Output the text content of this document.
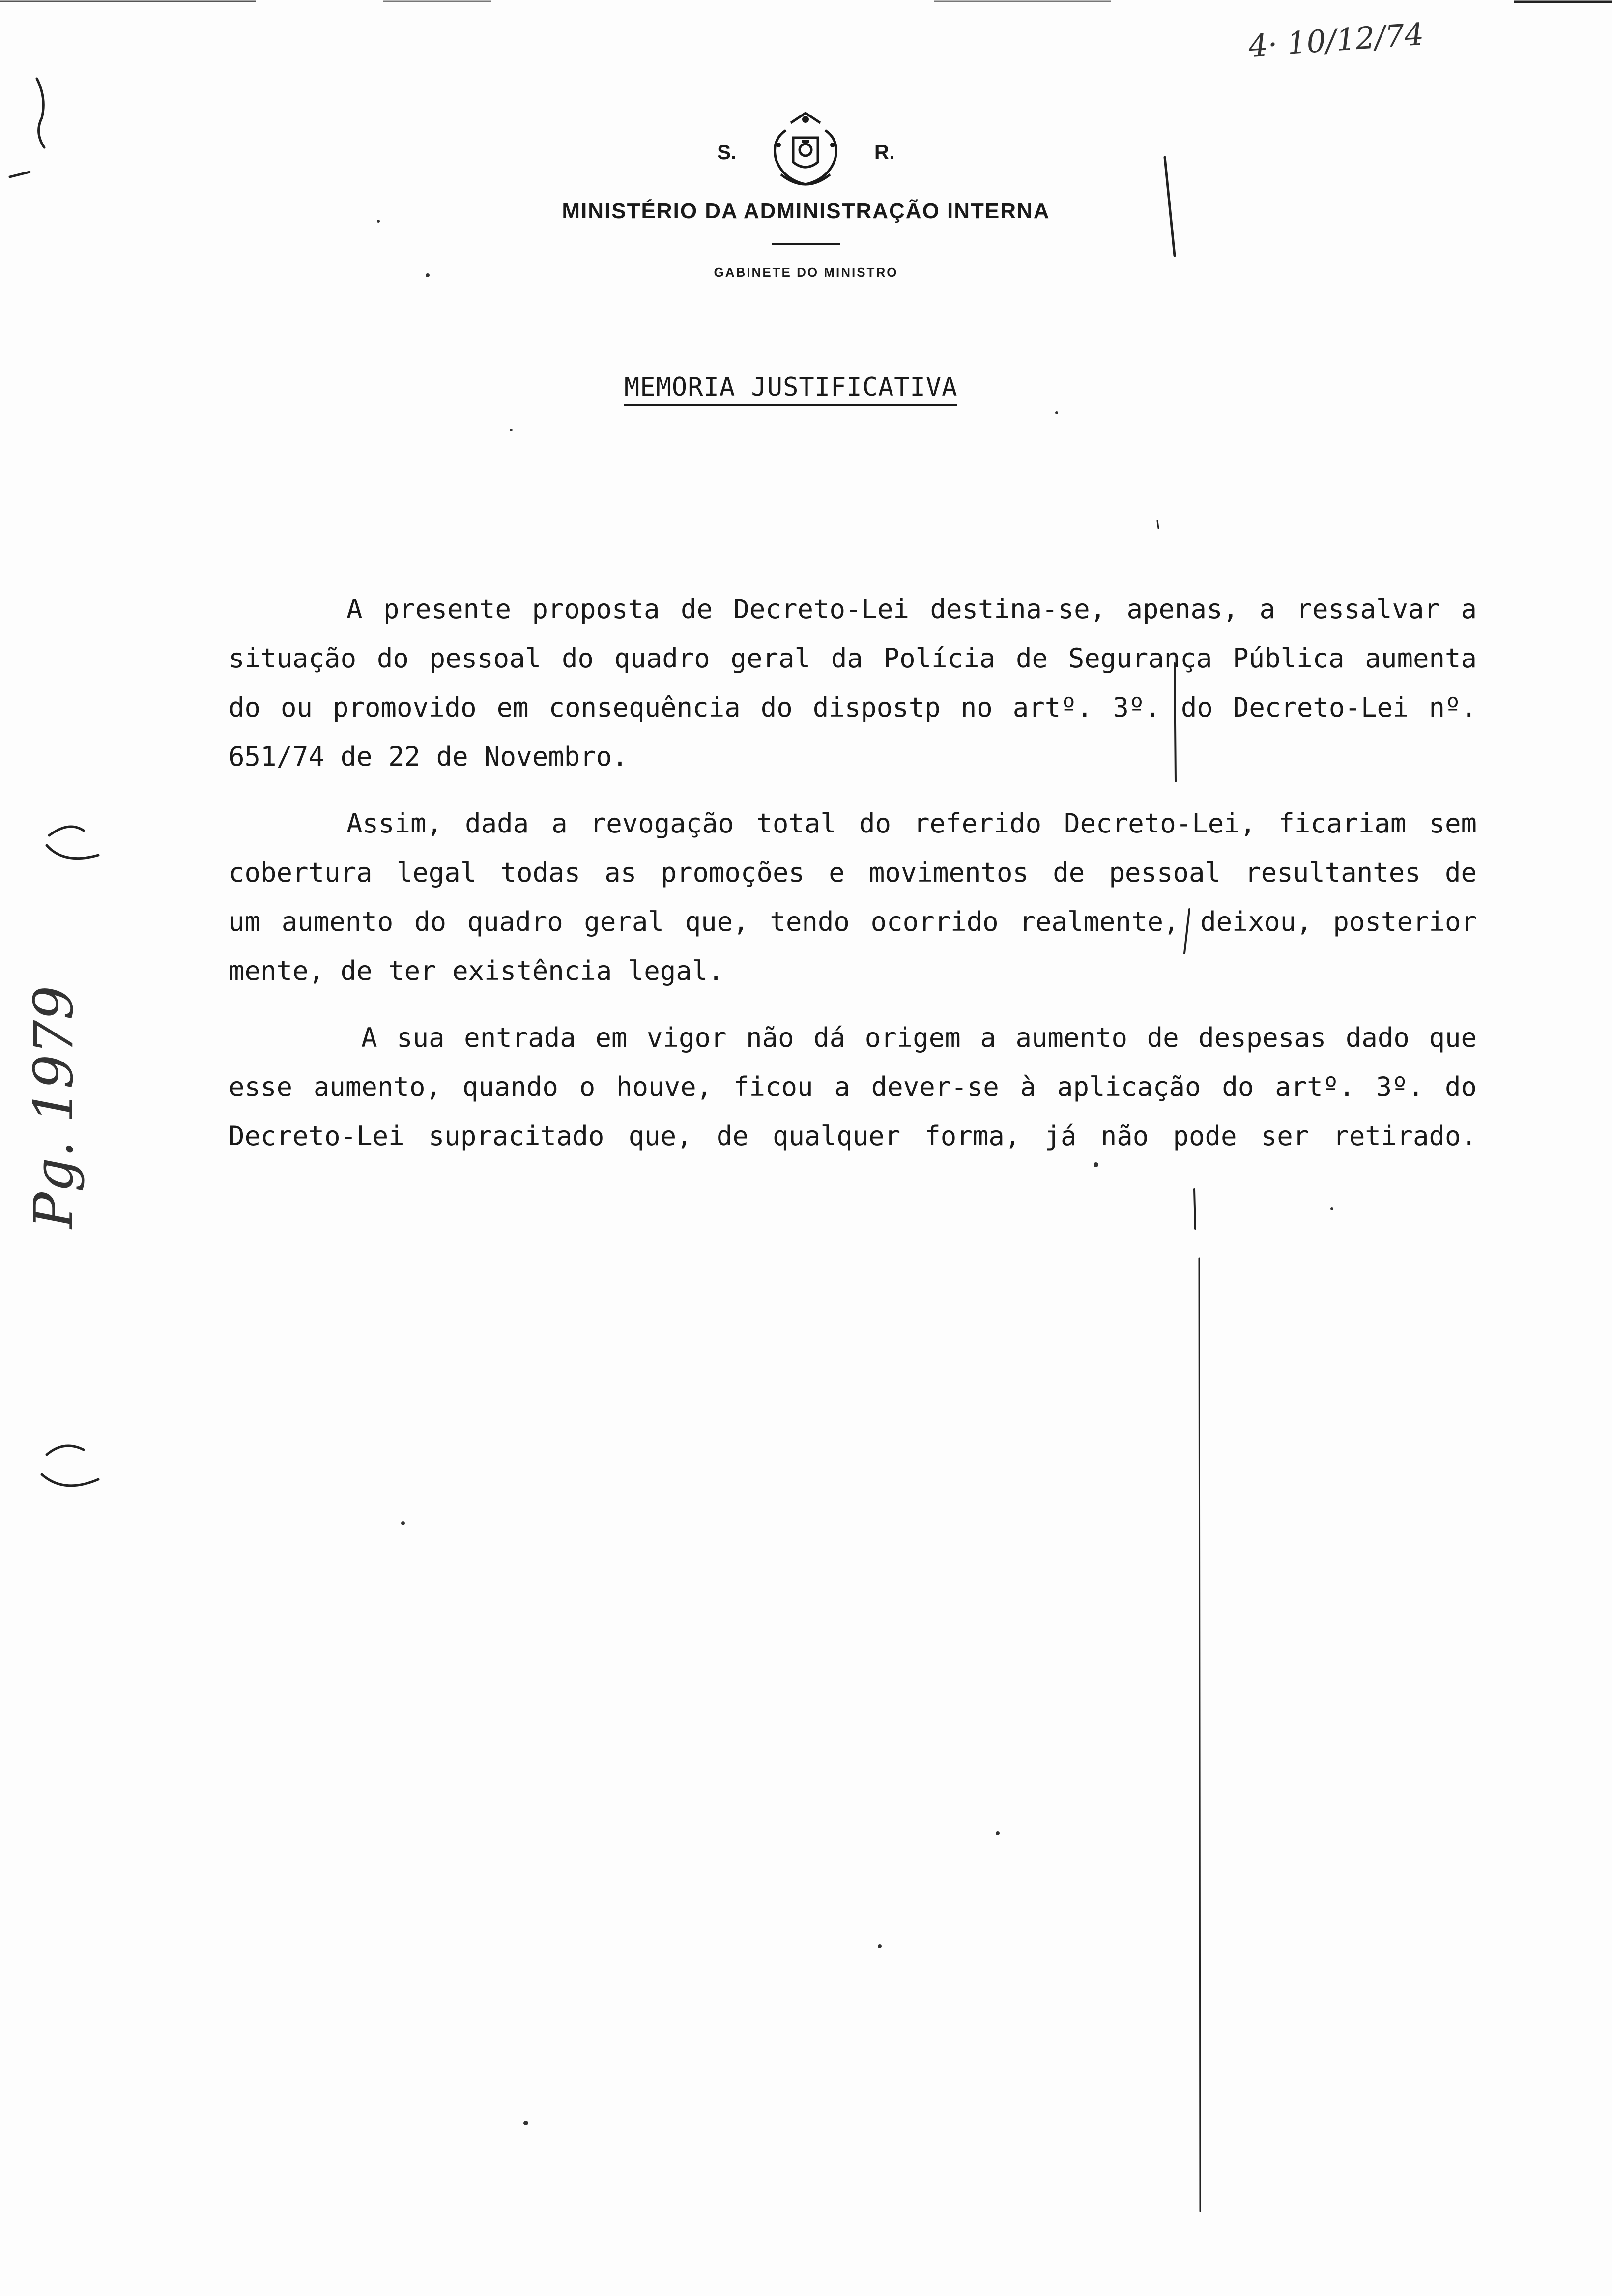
4· 10/12/74
S.	R.
MINISTÉRIO DA ADMINISTRAÇÃO INTERNA
GABINETE DO MINISTRO
MEMORIA JUSTIFICATIVA
A presente proposta de Decreto-Lei destina-se, apenas, a ressalvar a
situação do pessoal do quadro geral da Polícia de Segurança Pública aumenta
do ou promovido em consequência do dispostp no artº. 3º. do Decreto-Lei nº.
651/74 de 22 de Novembro.
Assim, dada a revogação total do referido Decreto-Lei, ficariam sem
cobertura legal todas as promoções e movimentos de pessoal resultantes de
um aumento do quadro geral que, tendo ocorrido realmente, deixou, posterior
mente, de ter existência legal.
A sua entrada em vigor não dá origem a aumento de despesas dado que
esse aumento, quando o houve, ficou a dever-se à aplicação do artº. 3º. do
Decreto-Lei supracitado que, de qualquer forma, já não pode ser retirado.
Pg. 1979
